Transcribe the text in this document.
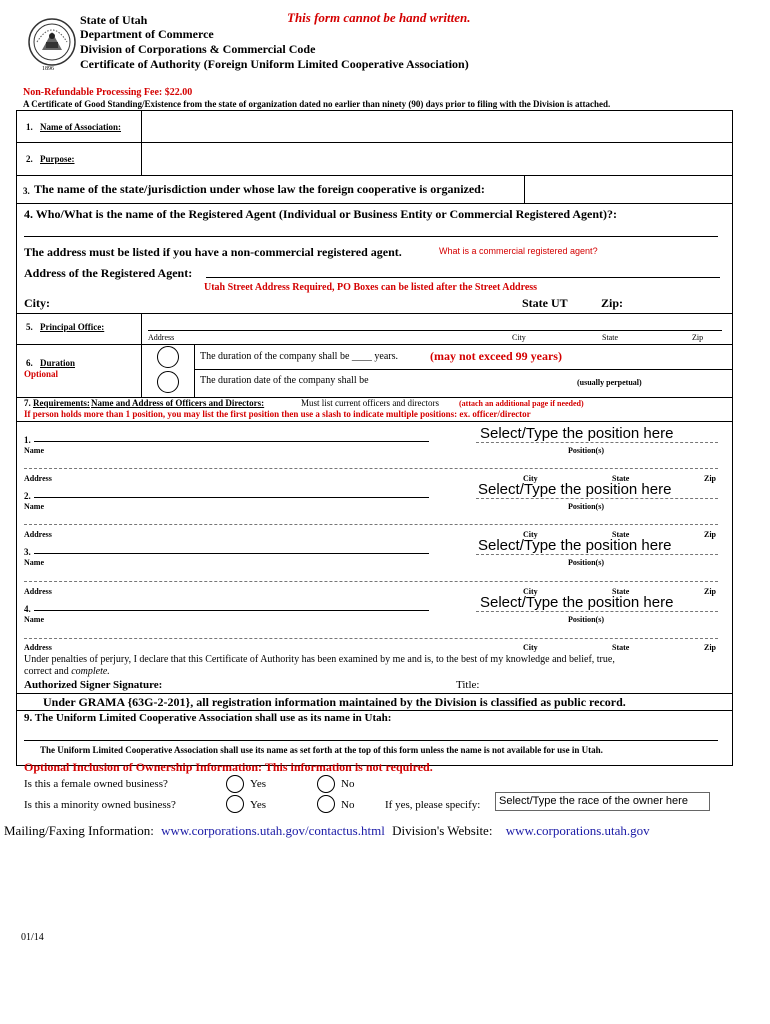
1896
State of Utah
Department of Commerce
Division of Corporations & Commercial Code
Certificate of Authority (Foreign Uniform Limited Cooperative Association)
This form cannot be hand written.
Non-Refundable Processing Fee: $22.00
A Certificate of Good Standing/Existence from the state of organization dated no earlier than ninety (90) days prior to filing with the Division is attached.
1. Name of Association:
2. Purpose:
3. The name of the state/jurisdiction under whose law the foreign cooperative is organized:
4. Who/What is the name of the Registered Agent (Individual or Business Entity or Commercial Registered Agent)?:
The address must be listed if you have a non-commercial registered agent.	What is a commercial registered agent?
Address of the Registered Agent:
Utah Street Address Required, PO Boxes can be listed after the Street Address
City:	State UT	Zip:
5. Principal Office:
Address	City	State	Zip
6. Duration
Optional
The duration of the company shall be ____ years.	(may not exceed 99 years)
The duration date of the company shall be	(usually perpetual)
7. Requirements: Name and Address of Officers and Directors:	Must list current officers and directors (attach an additional page if needed)
If person holds more than 1 position, you may list the first position then use a slash to indicate multiple positions: ex. officer/director
1.
Name
Select/Type the position here
Position(s)
Address	City	State	Zip
2.
Name
Select/Type the position here
Position(s)
Address	City	State	Zip
3.
Name
Select/Type the position here
Position(s)
Address	City	State	Zip
4.
Name
Select/Type the position here
Position(s)
Address	City	State	Zip
Under penalties of perjury, I declare that this Certificate of Authority has been examined by me and is, to the best of my knowledge and belief, true,
correct and complete.
Authorized Signer Signature:	Title:
Under GRAMA {63G-2-201}, all registration information maintained by the Division is classified as public record.
9. The Uniform Limited Cooperative Association shall use as its name in Utah:
The Uniform Limited Cooperative Association shall use its name as set forth at the top of this form unless the name is not available for use in Utah.
Optional Inclusion of Ownership Information: This information is not required.
Is this a female owned business?	Yes	No
Is this a minority owned business?	Yes	No	If yes, please specify:	Select/Type the race of the owner here
Mailing/Faxing Information: www.corporations.utah.gov/contactus.html Division's Website: www.corporations.utah.gov
01/14
